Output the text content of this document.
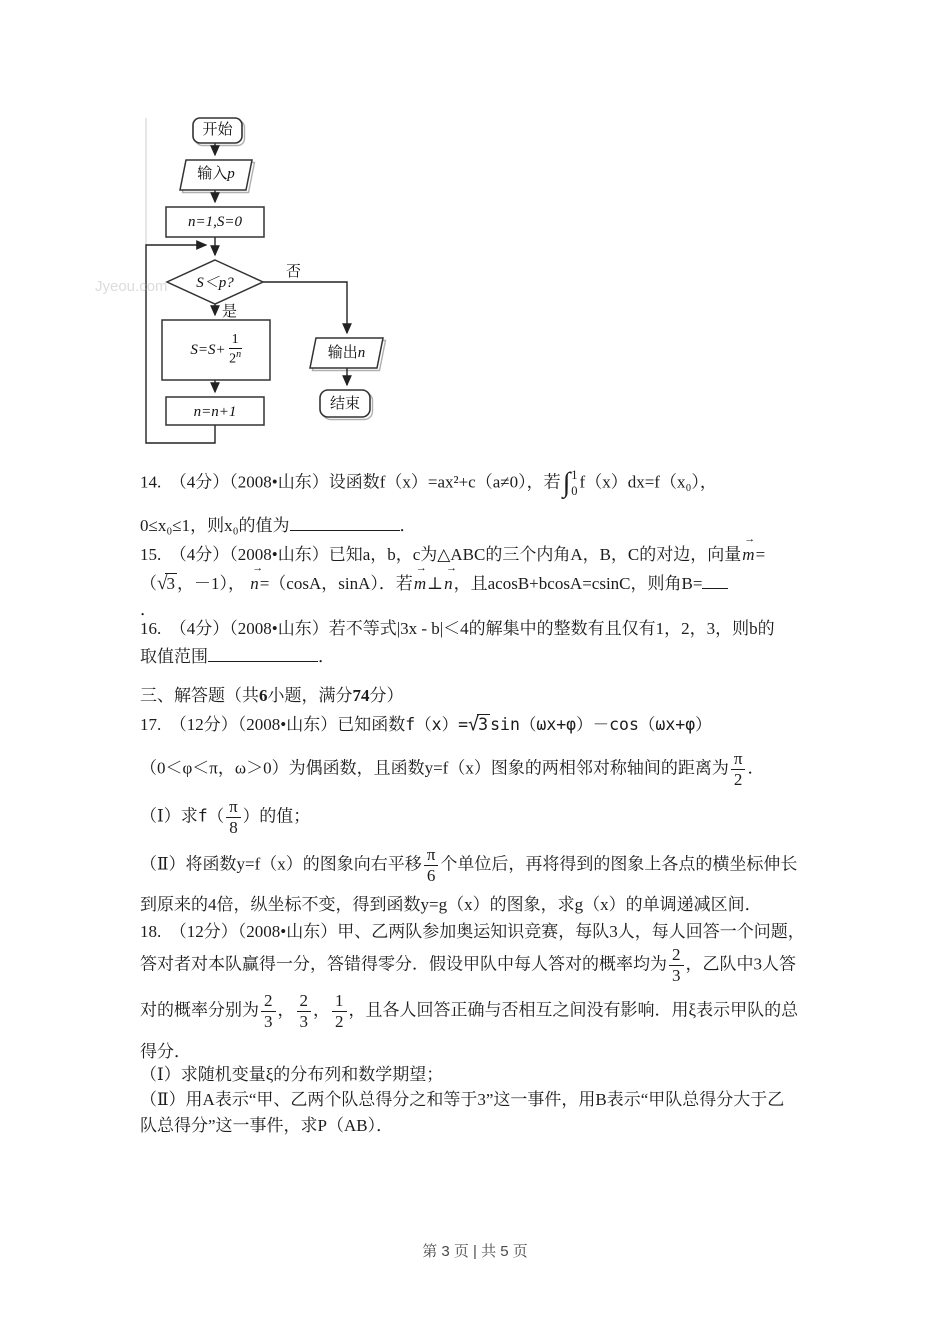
Jyeou.com
开始
输入p
n=1,S=0
S＜p?
是
否
$S=S+ \frac{1}{2^n}$
n=n+1
输出n
结束
14.　（4分）（2008•山东）设函数f（x）=ax²+c（a≠0），若∫ 1
0 f（x）dx=f（x₀），
0≤x₀≤1，则x₀的值为	．
15.　（4分）（2008•山东）已知a，b，c为△ABC的三个内角A，B，C的对边，向量
→
m=
（√3 ，－1），
→
n=（cosA，sinA）．若
→
m⊥
→
n，且acosB+bcosA=csinC，则角B=
．
16.　（4分）（2008•山东）若不等式|3x - b|＜4的解集中的整数有且仅有1，2，3，则b的
取值范围	．
三、解答题（共6小题，满分74分）
17.　（12分）（2008•山东）已知函数f（x）=√3 sin（ωx+φ）－cos（ωx+φ）
（0＜φ＜π，ω＞0）为偶函数，且函数y=f（x）图象的两相邻对称轴间的距离为 $\frac{\pi}{2}$ ．
（Ⅰ）求$f( \frac{\pi}{8}$ ）的值；
（Ⅱ）将函数y=f（x）的图象向右平移 $\frac{\pi}{6}$ 个单位后，再将得到的图象上各点的横坐标伸长
到原来的4倍，纵坐标不变，得到函数y=g（x）的图象，求g（x）的单调递减区间．
18.　（12分）（2008•山东）甲、乙两队参加奥运知识竞赛，每队3人，每人回答一个问题，
答对者对本队赢得一分，答错得零分．假设甲队中每人答对的概率均为 $\frac{2}{3}$ ，乙队中3人答
对的概率分别为 $\frac{2}{3}$ ， $\frac{2}{3}$ ， $\frac{1}{2}$ ，且各人回答正确与否相互之间没有影响．用ξ表示甲队的总
得分．
（Ⅰ）求随机变量ξ的分布列和数学期望；
（Ⅱ）用A表示“甲、乙两个队总得分之和等于3”这一事件，用B表示“甲队总得分大于乙
队总得分”这一事件，求P（AB）．
第 3 页 | 共 5 页
